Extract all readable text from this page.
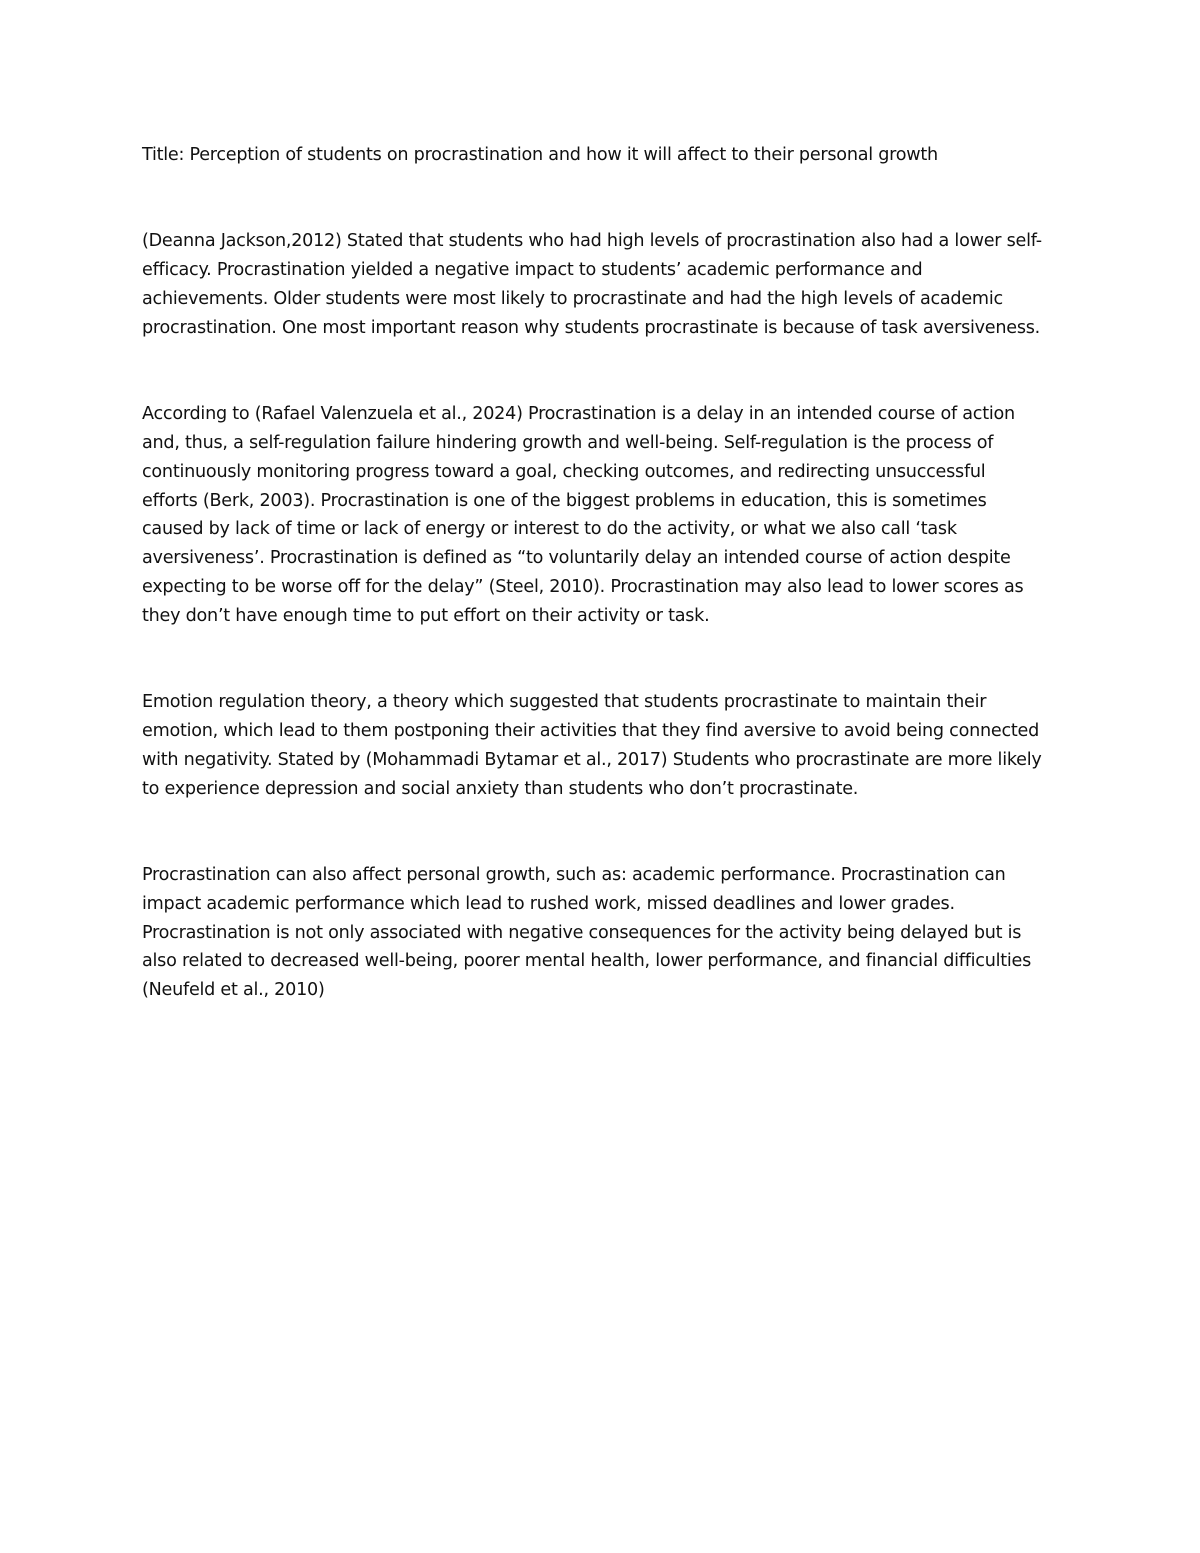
Title: Perception of students on procrastination and how it will affect to their personal growth
(Deanna Jackson,2012) Stated that students who had high levels of procrastination also had a lower self-
efficacy. Procrastination yielded a negative impact to students’ academic performance and
achievements. Older students were most likely to procrastinate and had the high levels of academic
procrastination. One most important reason why students procrastinate is because of task aversiveness.
According to (Rafael Valenzuela et al., 2024) Procrastination is a delay in an intended course of action
and, thus, a self-regulation failure hindering growth and well-being. Self-regulation is the process of
continuously monitoring progress toward a goal, checking outcomes, and redirecting unsuccessful
efforts (Berk, 2003). Procrastination is one of the biggest problems in education, this is sometimes
caused by lack of time or lack of energy or interest to do the activity, or what we also call ‘task
aversiveness’. Procrastination is defined as “to voluntarily delay an intended course of action despite
expecting to be worse off for the delay” (Steel, 2010). Procrastination may also lead to lower scores as
they don’t have enough time to put effort on their activity or task.
Emotion regulation theory, a theory which suggested that students procrastinate to maintain their
emotion, which lead to them postponing their activities that they find aversive to avoid being connected
with negativity. Stated by (Mohammadi Bytamar et al., 2017) Students who procrastinate are more likely
to experience depression and social anxiety than students who don’t procrastinate.
Procrastination can also affect personal growth, such as: academic performance. Procrastination can
impact academic performance which lead to rushed work, missed deadlines and lower grades.
Procrastination is not only associated with negative consequences for the activity being delayed but is
also related to decreased well-being, poorer mental health, lower performance, and financial difficulties
(Neufeld et al., 2010)
